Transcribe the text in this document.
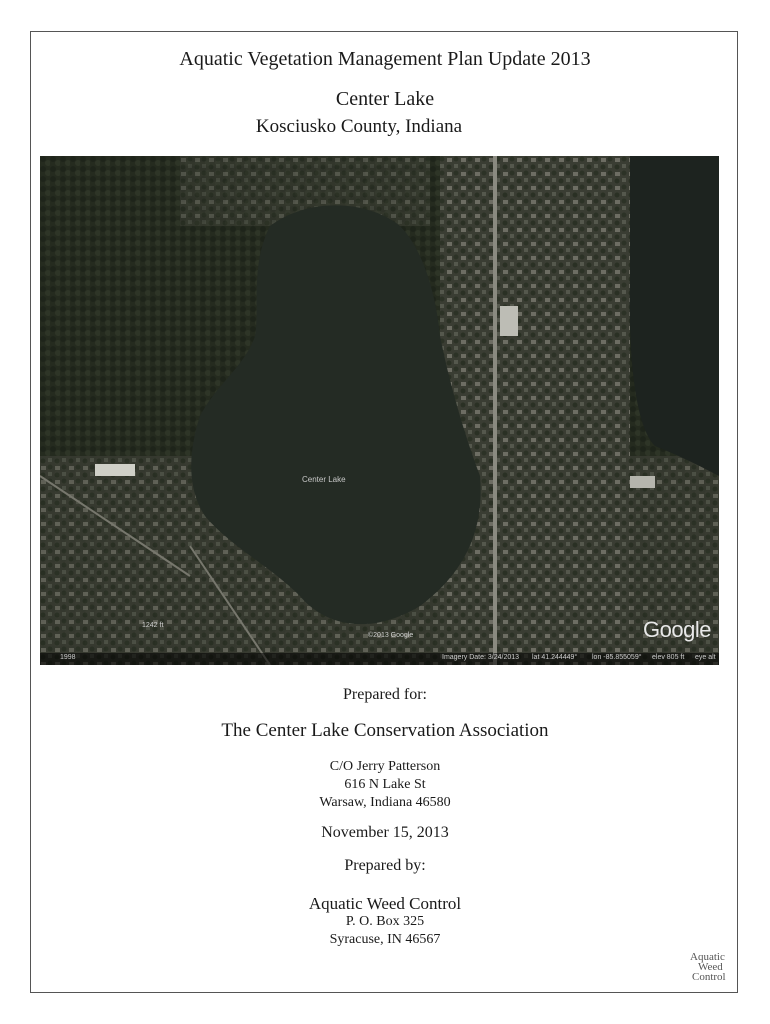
Aquatic Vegetation Management Plan Update 2013
Center Lake
Kosciusko County, Indiana
Center Lake
©2013 Google	Google
1998	Imagery Date: 3/24/2013 lat 41.244449° lon -85.855059° elev 805 ft eye alt
1242 ft
Prepared for:
The Center Lake Conservation Association
C/O Jerry Patterson
616 N Lake St
Warsaw, Indiana 46580
November 15, 2013
Prepared by:
Aquatic Weed Control
P. O. Box 325
Syracuse, IN 46567
Aquatic
Weed
Control
